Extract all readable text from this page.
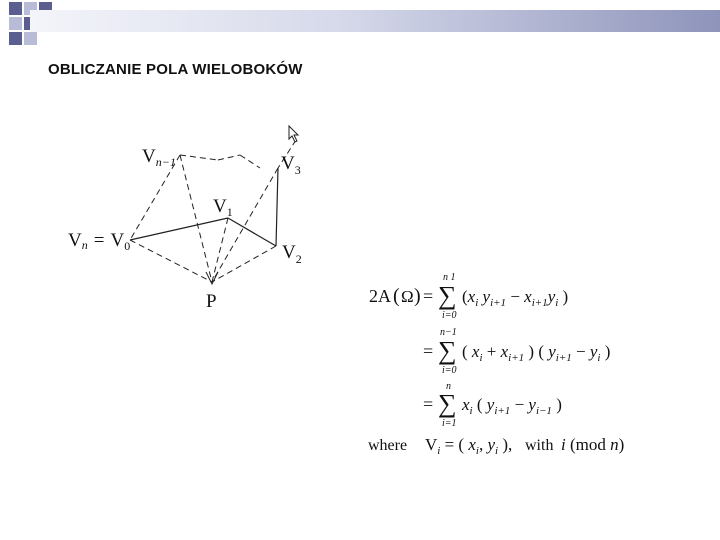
OBLICZANIE POLA WIELOBOKÓW
$V_{n-1}$	$V_3$
$V_1$
$Vn = V_0$	$V_2$
P	2A ( Ω ) = ∑
n 1
i=0
($x_i$ $y_{i+1} - x_{i+1}y_i$ )
= ∑
n−1
i=0
( $x_i + x_{i+1}$ ) ( $y_{i+1} - y_i$ )
= ∑
n
i=1
$x_i$ ( $y_{i+1} - y_{i-1}$ )
where $V_i$ = ( $x_i$, $y_i$ ), with i (mod n)
